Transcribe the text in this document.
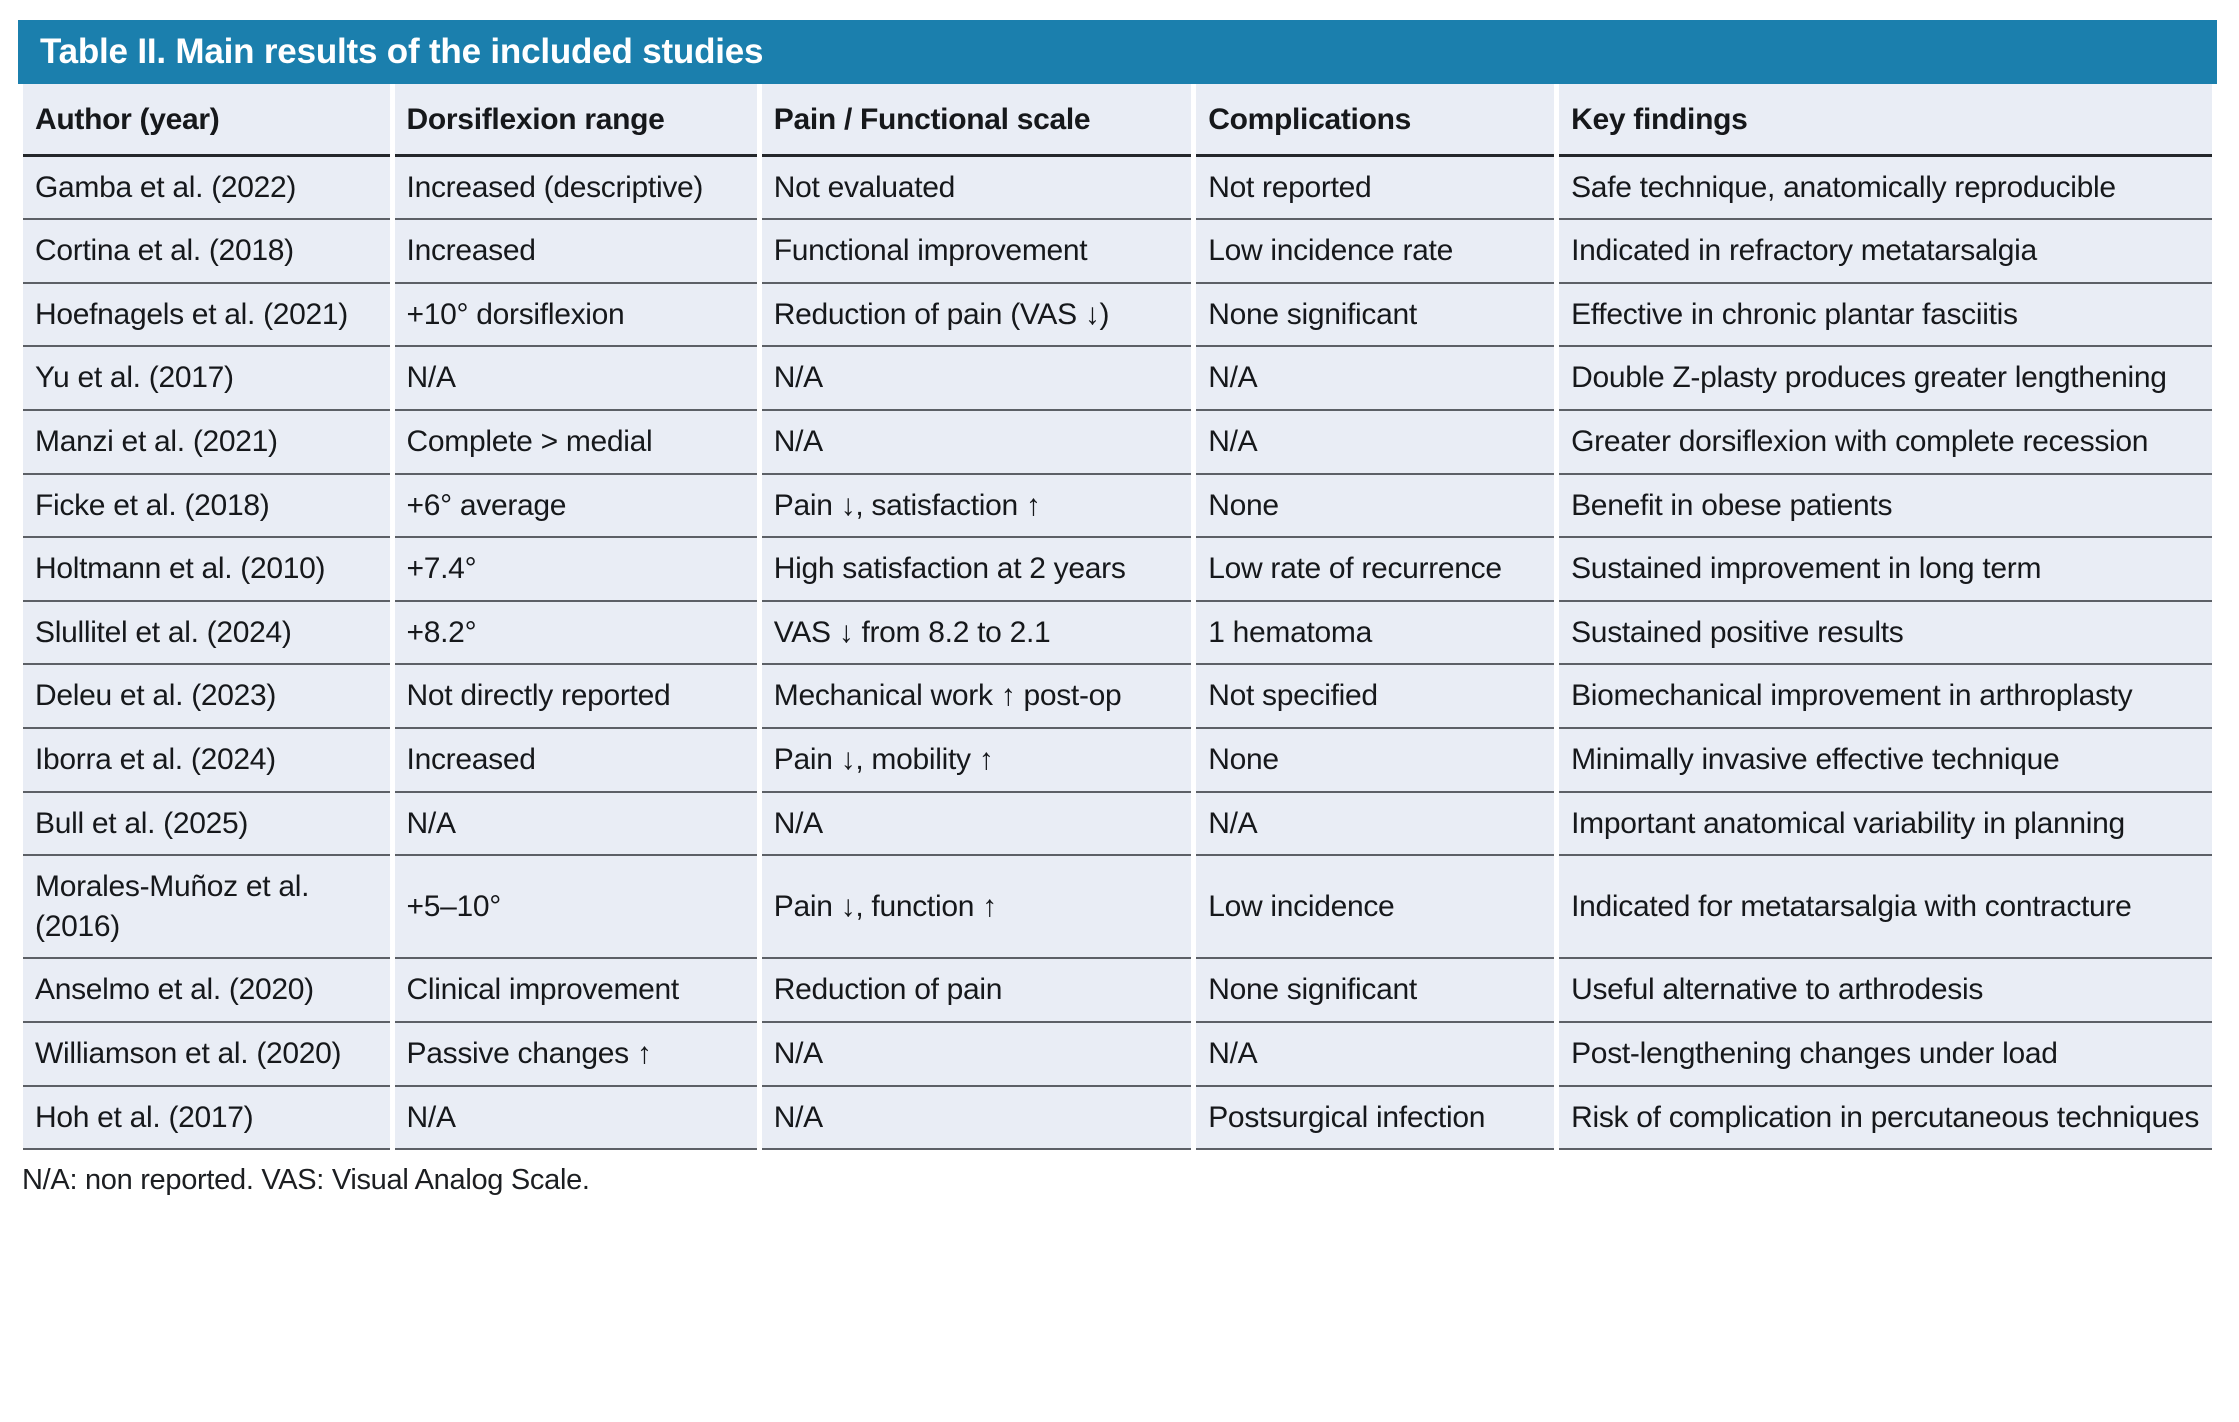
Table II. Main results of the included studies
Author (year)	Dorsiflexion range	Pain / Functional scale	Complications	Key findings
Gamba et al. (2022)	Increased (descriptive)	Not evaluated	Not reported	Safe technique, anatomically reproducible
Cortina et al. (2018)	Increased	Functional improvement	Low incidence rate	Indicated in refractory metatarsalgia
Hoefnagels et al. (2021)	+10° dorsiflexion	Reduction of pain (VAS ↓)	None significant	Effective in chronic plantar fasciitis
Yu et al. (2017)	N/A	N/A	N/A	Double Z-plasty produces greater lengthening
Manzi et al. (2021)	Complete > medial	N/A	N/A	Greater dorsiflexion with complete recession
Ficke et al. (2018)	+6° average	Pain ↓, satisfaction ↑	None	Benefit in obese patients
Holtmann et al. (2010)	+7.4°	High satisfaction at 2 years	Low rate of recurrence	Sustained improvement in long term
Slullitel et al. (2024)	+8.2°	VAS ↓ from 8.2 to 2.1	1 hematoma	Sustained positive results
Deleu et al. (2023)	Not directly reported	Mechanical work ↑ post-op	Not specified	Biomechanical improvement in arthroplasty
Iborra et al. (2024)	Increased	Pain ↓, mobility ↑	None	Minimally invasive effective technique
Bull et al. (2025)	N/A	N/A	N/A	Important anatomical variability in planning
Morales-Muñoz et al. (2016)	+5–10°	Pain ↓, function ↑	Low incidence	Indicated for metatarsalgia with contracture
Anselmo et al. (2020)	Clinical improvement	Reduction of pain	None significant	Useful alternative to arthrodesis
Williamson et al. (2020)	Passive changes ↑	N/A	N/A	Post-lengthening changes under load
Hoh et al. (2017)	N/A	N/A	Postsurgical infection	Risk of complication in percutaneous techniques
N/A: non reported. VAS: Visual Analog Scale.
